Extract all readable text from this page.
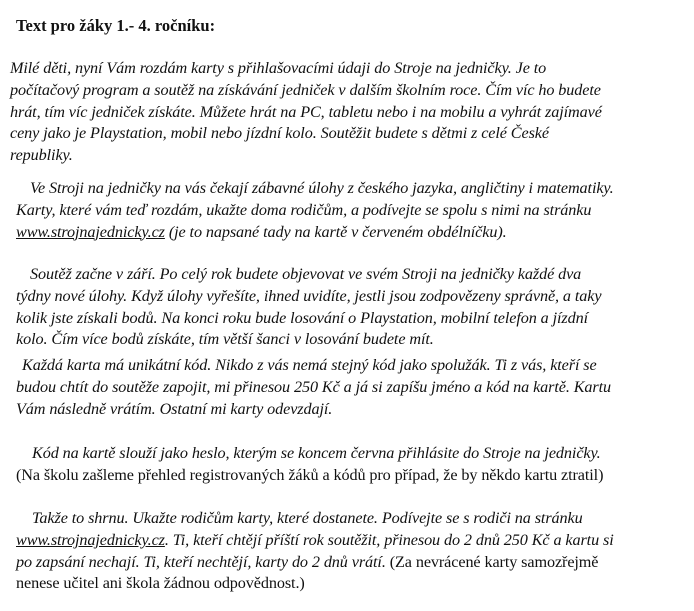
Text pro žáky 1.- 4. ročníku:
Milé děti, nyní Vám rozdám karty s přihlašovacími údaji do Stroje na jedničky. Je to
počítačový program a soutěž na získávání jedniček v dalším školním roce. Čím víc ho budete
hrát, tím víc jedniček získáte. Můžete hrát na PC, tabletu nebo i na mobilu a vyhrát zajímavé
ceny jako je Playstation, mobil nebo jízdní kolo. Soutěžit budete s dětmi z celé České
republiky.
Ve Stroji na jedničky na vás čekají zábavné úlohy z českého jazyka, angličtiny i matematiky.
Karty, které vám teď rozdám, ukažte doma rodičům, a podívejte se spolu s nimi na stránku
www.strojnajednicky.cz (je to napsané tady na kartě v červeném obdélníčku).
Soutěž začne v září. Po celý rok budete objevovat ve svém Stroji na jedničky každé dva
týdny nové úlohy. Když úlohy vyřešíte, ihned uvidíte, jestli jsou zodpovězeny správně, a taky
kolik jste získali bodů. Na konci roku bude losování o Playstation, mobilní telefon a jízdní
kolo. Čím více bodů získáte, tím větší šanci v losování budete mít.
Každá karta má unikátní kód. Nikdo z vás nemá stejný kód jako spolužák. Ti z vás, kteří se
budou chtít do soutěže zapojit, mi přinesou 250 Kč a já si zapíšu jméno a kód na kartě. Kartu
Vám následně vrátím. Ostatní mi karty odevzdají.
Kód na kartě slouží jako heslo, kterým se koncem června přihlásite do Stroje na jedničky.
(Na školu zašleme přehled registrovaných žáků a kódů pro případ, že by někdo kartu ztratil)
Takže to shrnu. Ukažte rodičům karty, které dostanete. Podívejte se s rodiči na stránku
www.strojnajednicky.cz. Ti, kteří chtějí příští rok soutěžit, přinesou do 2 dnů 250 Kč a kartu si
po zapsání nechají. Ti, kteří nechtějí, karty do 2 dnů vrátí. (Za nevrácené karty samozřejmě
nenese učitel ani škola žádnou odpovědnost.)
